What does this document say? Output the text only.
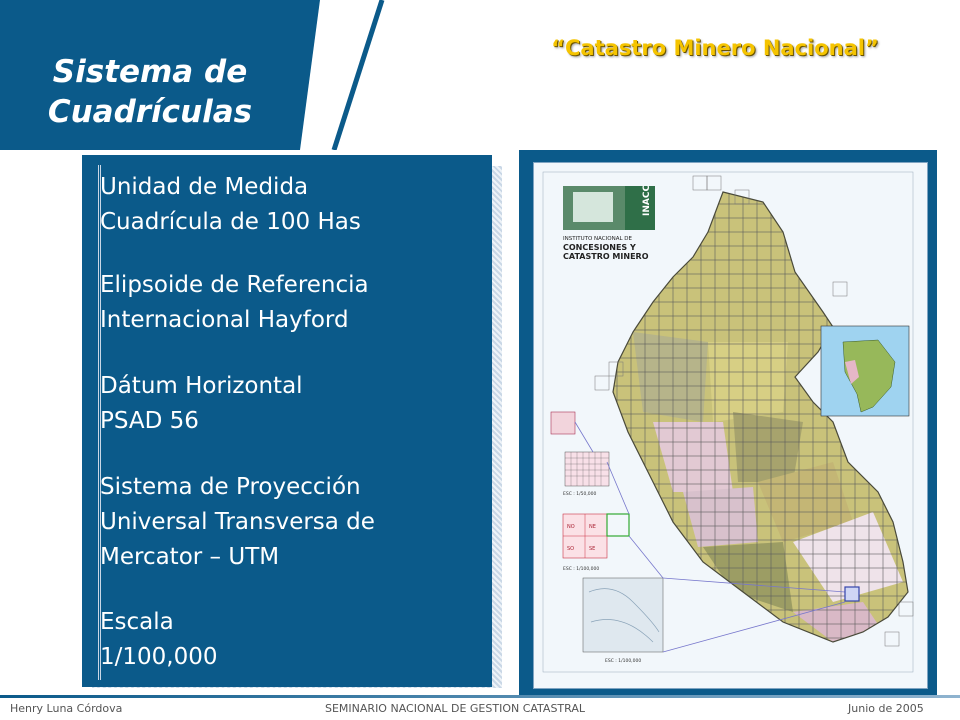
Sistema de
Cuadrículas
“Catastro Minero Nacional”
Unidad de Medida
Cuadrícula de 100 Has
Elipsoide de Referencia
Internacional Hayford
Dátum Horizontal
PSAD 56
Sistema de Proyección
Universal Transversa de
Mercator – UTM
Escala
1/100,000
INACC
INSTITUTO NACIONAL DE
CONCESIONES Y
CATASTRO MINERO
ESC : 1/50,000
NO	NE
SO	SE
ESC : 1/100,000
ESC : 1/100,000
Henry Luna Córdova	SEMINARIO NACIONAL DE GESTION CATASTRAL	Junio de 2005
